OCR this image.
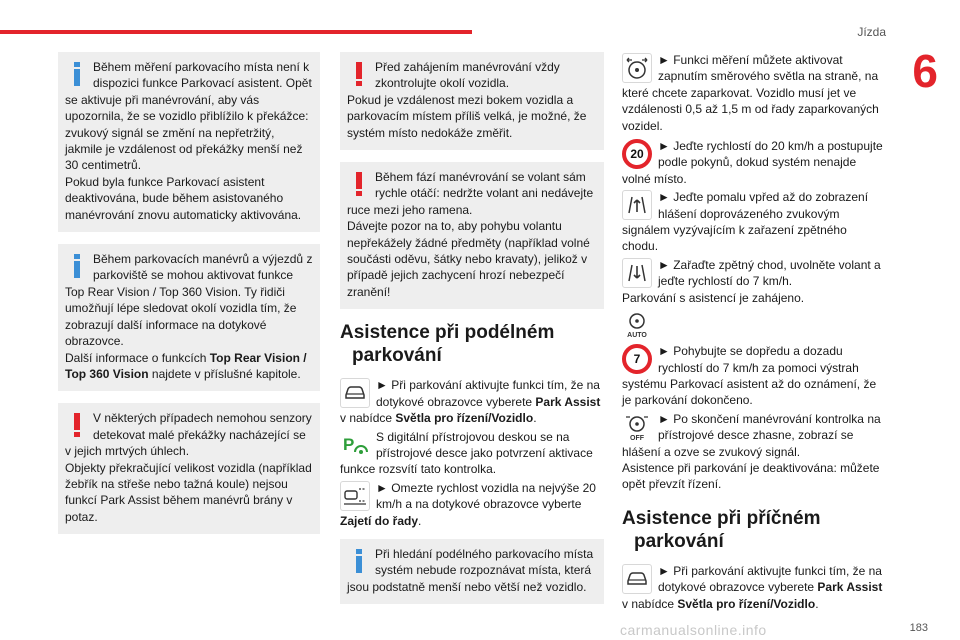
Jízda
6

Během měření parkovacího místa není k dispozici funkce Parkovací asistent. Opět se aktivuje při manévrování, aby vás upozornila, že se vozidlo přiblížilo k překážce: zvukový signál se změní na nepřetržitý, jakmile je vzdálenost od překážky menší než 30 centimetrů.

Pokud byla funkce Parkovací asistent deaktivována, bude během asistovaného manévrování znovu automaticky aktivována.

Během parkovacích manévrů a výjezdů z parkoviště se mohou aktivovat funkce Top Rear Vision / Top 360 Vision. Ty řidiči umožňují lépe sledovat okolí vozidla tím, že zobrazují další informace na dotykové obrazovce.

Další informace o funkcích Top Rear Vision / Top 360 Vision najdete v příslušné kapitole.

V některých případech nemohou senzory detekovat malé překážky nacházející se v jejich mrtvých úhlech.

Objekty překračující velikost vozidla (například žebřík na střeše nebo tažná koule) nejsou funkcí Park Assist během manévrů brány v potaz.

Před zahájením manévrování vždy zkontrolujte okolí vozidla.

Pokud je vzdálenost mezi bokem vozidla a parkovacím místem příliš velká, je možné, že systém místo nedokáže změřit.

Během fází manévrování se volant sám rychle otáčí: nedržte volant ani nedávejte ruce mezi jeho ramena.

Dávejte pozor na to, aby pohybu volantu nepřekážely žádné předměty (například volné součásti oděvu, šátky nebo kravaty), jelikož v případě jejich zachycení hrozí nebezpečí zranění!

Asistence při podélném
parkování

► Při parkování aktivujte funkci tím, že na dotykové obrazovce vyberete Park Assist v nabídce Světla pro řízení/Vozidlo.

P	S digitální přístrojovou deskou se na přístrojové desce jako potvrzení aktivace funkce rozsvítí tato kontrolka.

► Omezte rychlost vozidla na nejvýše 20 km/h a na dotykové obrazovce vyberte Zajetí do řady.

Při hledání podélného parkovacího místa systém nebude rozpoznávat místa, která jsou podstatně menší nebo větší než vozidlo.

► Funkci měření můžete aktivovat zapnutím směrového světla na straně, na které chcete zaparkovat. Vozidlo musí jet ve vzdálenosti 0,5 až 1,5 m od řady zaparkovaných vozidel.

20

► Jeďte rychlostí do 20 km/h a postupujte podle pokynů, dokud systém nenajde volné místo.

► Jeďte pomalu vpřed až do zobrazení hlášení doprovázeného zvukovým signálem vyzývajícím k zařazení zpětného chodu.

► Zařaďte zpětný chod, uvolněte volant a jeďte rychlostí do 7 km/h.
Parkování s asistencí je zahájeno.

AUTO
7

► Pohybujte se dopředu a dozadu rychlostí do 7 km/h za pomoci výstrah systému Parkovací asistent až do oznámení, že je parkování dokončeno.

OFF

► Po skončení manévrování kontrolka na přístrojové desce zhasne, zobrazí se hlášení a ozve se zvukový signál.
Asistence při parkování je deaktivována: můžete opět převzít řízení.

Asistence při příčném
parkování

► Při parkování aktivujte funkci tím, že na dotykové obrazovce vyberete Park Assist v nabídce Světla pro řízení/Vozidlo.

carmanualsonline.info	183
